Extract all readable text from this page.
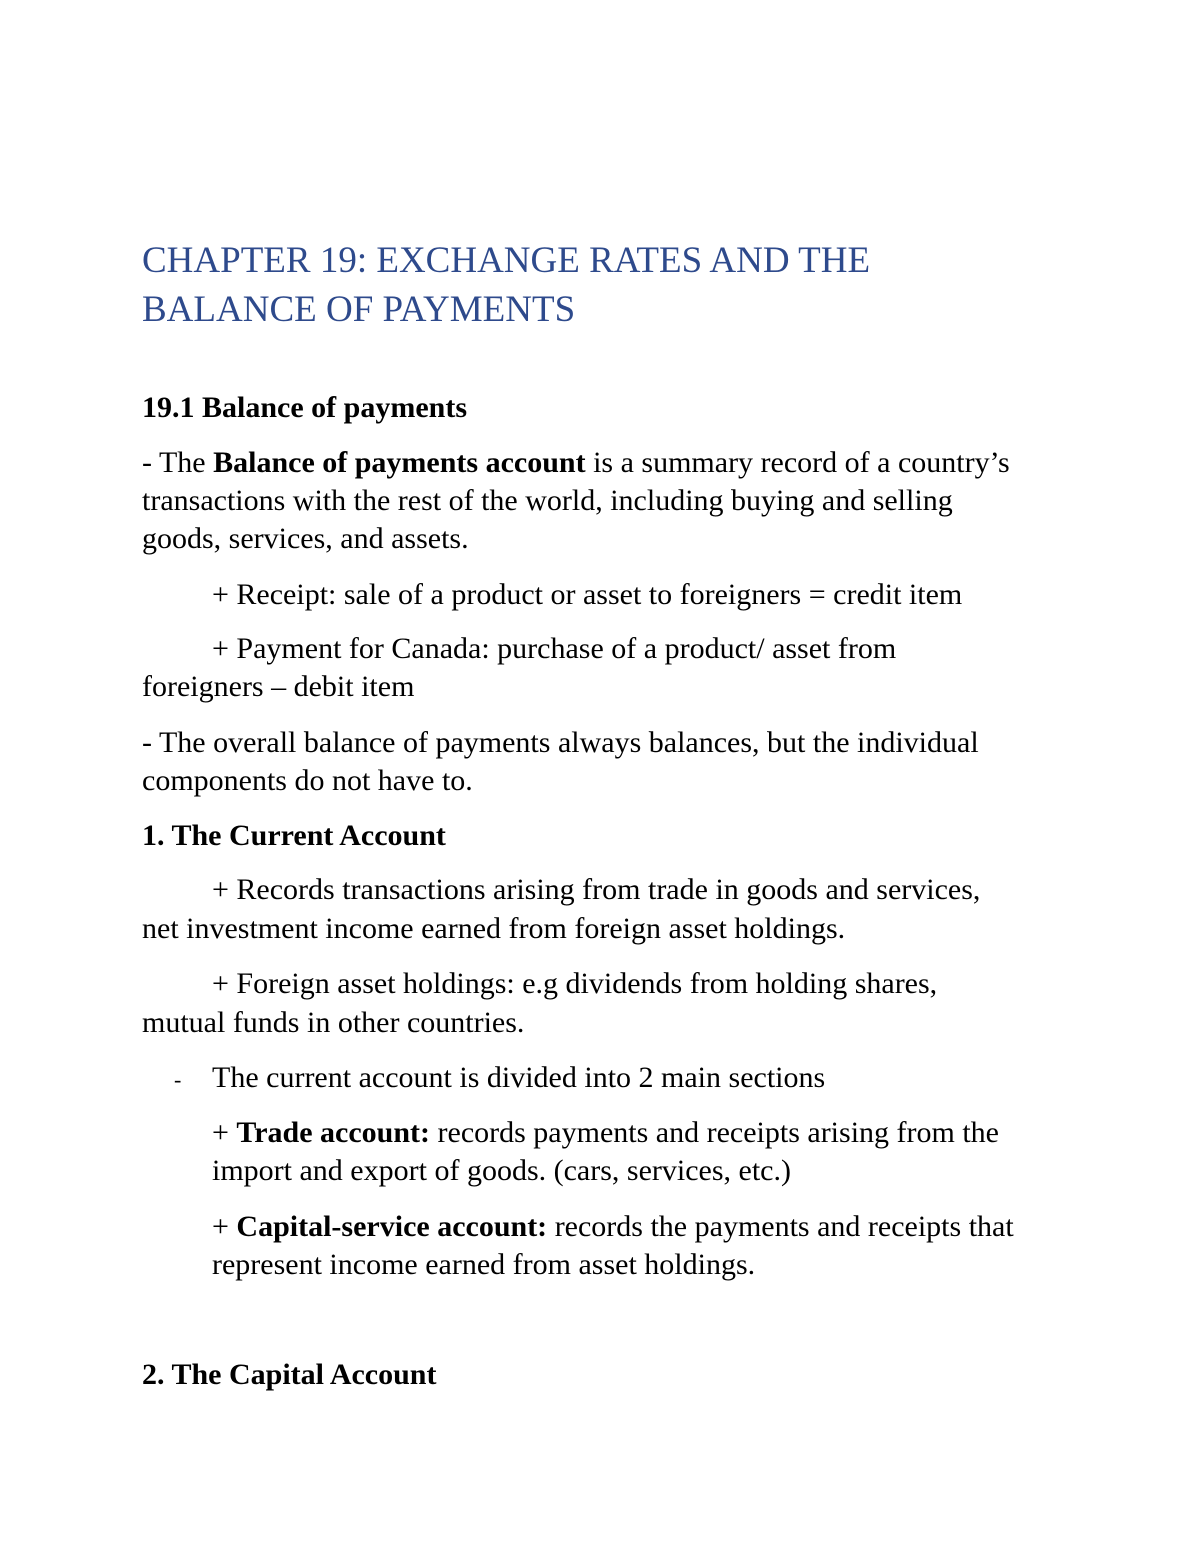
CHAPTER 19: EXCHANGE RATES AND THE
BALANCE OF PAYMENTS
19.1 Balance of payments
- The Balance of payments account is a summary record of a country’s
transactions with the rest of the world, including buying and selling
goods, services, and assets.
+ Receipt: sale of a product or asset to foreigners = credit item
+ Payment for Canada: purchase of a product/ asset from
foreigners – debit item
- The overall balance of payments always balances, but the individual
components do not have to.
1. The Current Account
+ Records transactions arising from trade in goods and services,
net investment income earned from foreign asset holdings.
+ Foreign asset holdings: e.g dividends from holding shares,
mutual funds in other countries.
- The current account is divided into 2 main sections
+ Trade account: records payments and receipts arising from the
import and export of goods. (cars, services, etc.)
+ Capital-service account: records the payments and receipts that
represent income earned from asset holdings.
2. The Capital Account
